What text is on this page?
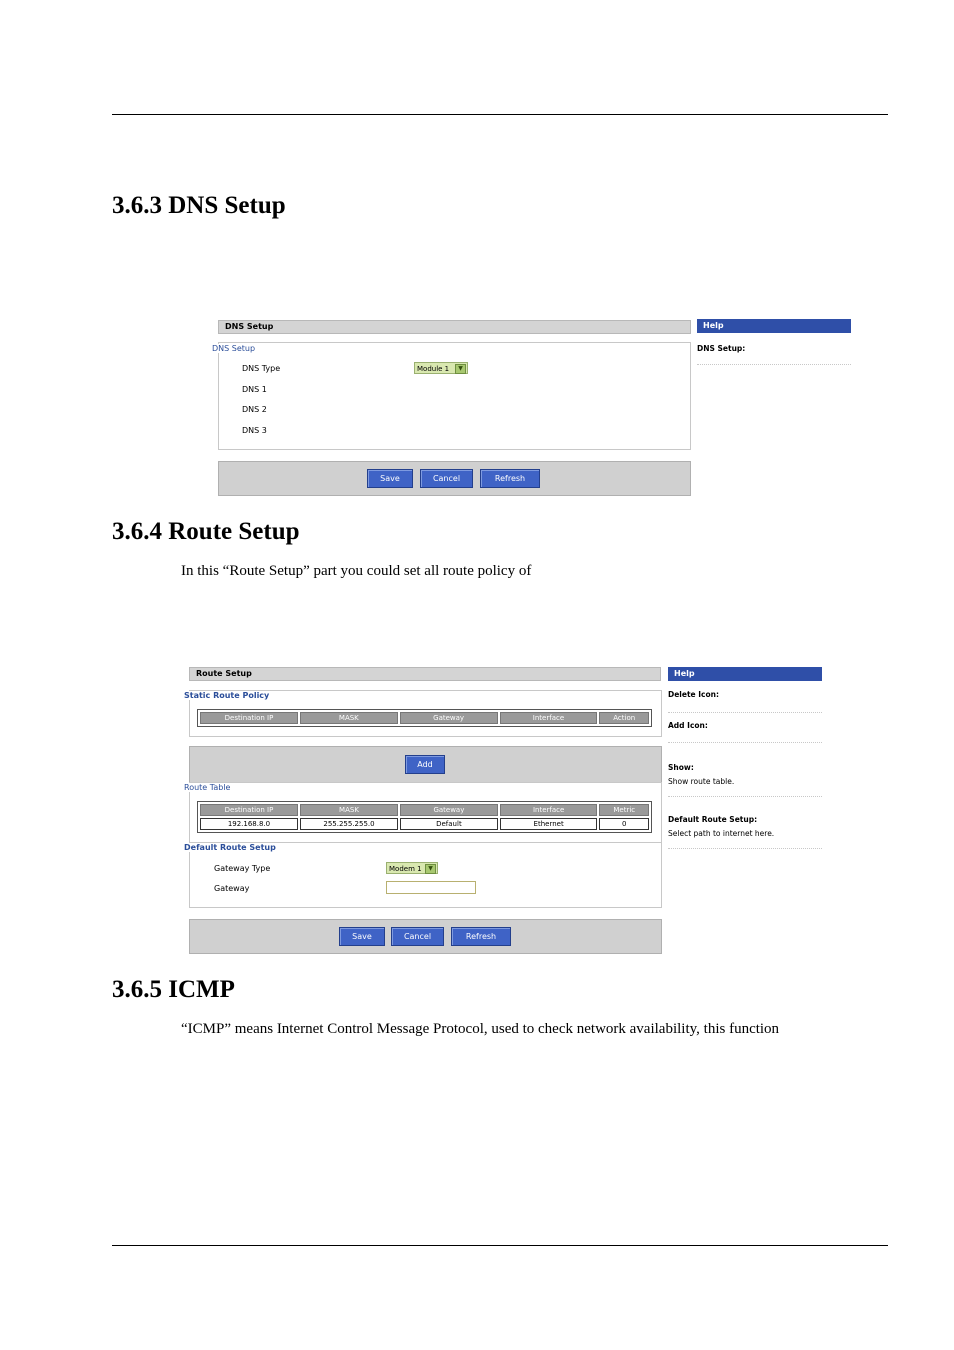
3.6.3 DNS Setup
DNS Setup
DNS Setup
DNS Type	Module 1	▼
DNS 1
DNS 2
DNS 3
Save	Cancel	Refresh
Help
DNS Setup:
3.6.4 Route Setup

In this “Route Setup” part you could set all route policy of

Route Setup
Static Route Policy
Destination IP	MASK	Gateway	Interface	Action
Add
Route Table
Destination IP	MASK	Gateway	Interface	Metric
192.168.8.0	255.255.255.0	Default	Ethernet	0
Default Route Setup
Gateway Type	Modem 1	▼
Gateway
Save	Cancel	Refresh
Help
Delete Icon:
Add Icon:
Show:
Show route table.
Default Route Setup:
Select path to internet here.
3.6.5 ICMP

“ICMP” means Internet Control Message Protocol, used to check network availability, this function
